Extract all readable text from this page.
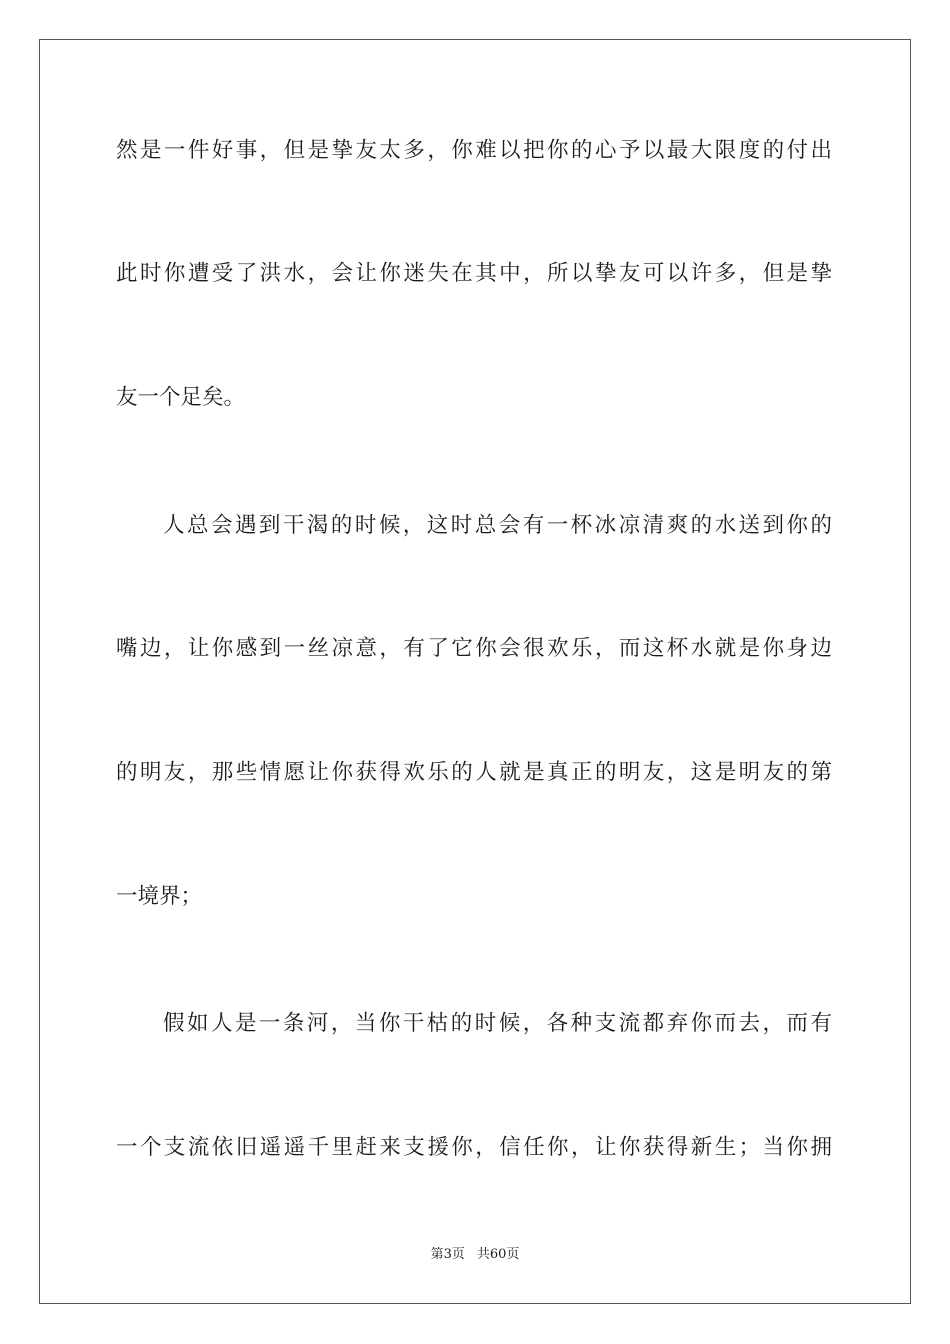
然是一件好事，但是挚友太多，你难以把你的心予以最大限度的付出
此时你遭受了洪水，会让你迷失在其中，所以挚友可以许多，但是挚
友一个足矣。
人总会遇到干渴的时候，这时总会有一杯冰凉清爽的水送到你的
嘴边，让你感到一丝凉意，有了它你会很欢乐，而这杯水就是你身边
的明友，那些情愿让你获得欢乐的人就是真正的明友，这是明友的第
一境界；
假如人是一条河，当你干枯的时候，各种支流都弃你而去，而有
一个支流依旧遥遥千里赶来支援你，信任你，让你获得新生；当你拥
第3页 共60页
